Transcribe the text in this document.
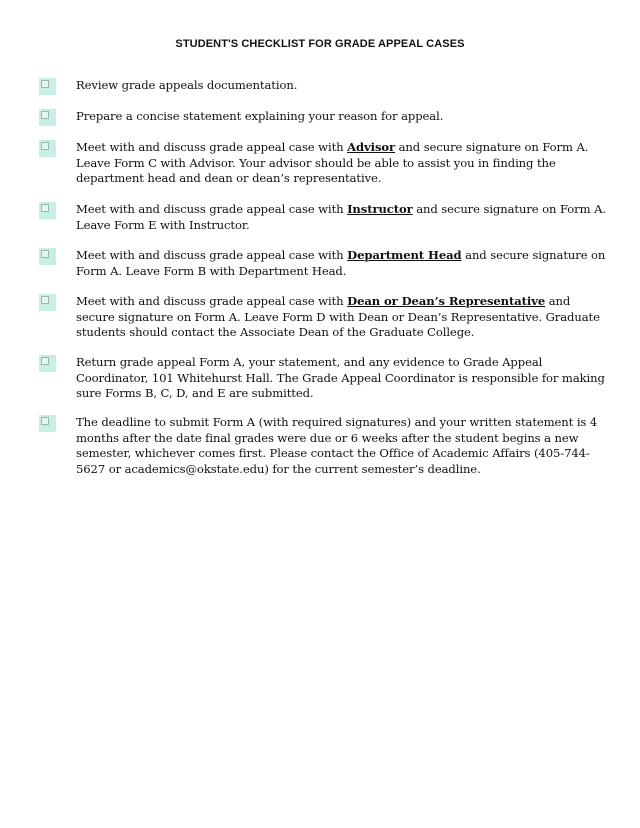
STUDENT'S CHECKLIST FOR GRADE APPEAL CASES
Review grade appeals documentation.
Prepare a concise statement explaining your reason for appeal.
Meet with and discuss grade appeal case with Advisor and secure signature on Form A. Leave Form C with Advisor. Your advisor should be able to assist you in finding the department head and dean or dean’s representative.
Meet with and discuss grade appeal case with Instructor and secure signature on Form A. Leave Form E with Instructor.
Meet with and discuss grade appeal case with Department Head and secure signature on Form A. Leave Form B with Department Head.
Meet with and discuss grade appeal case with Dean or Dean’s Representative and secure signature on Form A. Leave Form D with Dean or Dean’s Representative. Graduate students should contact the Associate Dean of the Graduate College.
Return grade appeal Form A, your statement, and any evidence to Grade Appeal Coordinator, 101 Whitehurst Hall. The Grade Appeal Coordinator is responsible for making sure Forms B, C, D, and E are submitted.
The deadline to submit Form A (with required signatures) and your written statement is 4 months after the date final grades were due or 6 weeks after the student begins a new semester, whichever comes first. Please contact the Office of Academic Affairs (405-744-5627 or academics@okstate.edu) for the current semester’s deadline.
